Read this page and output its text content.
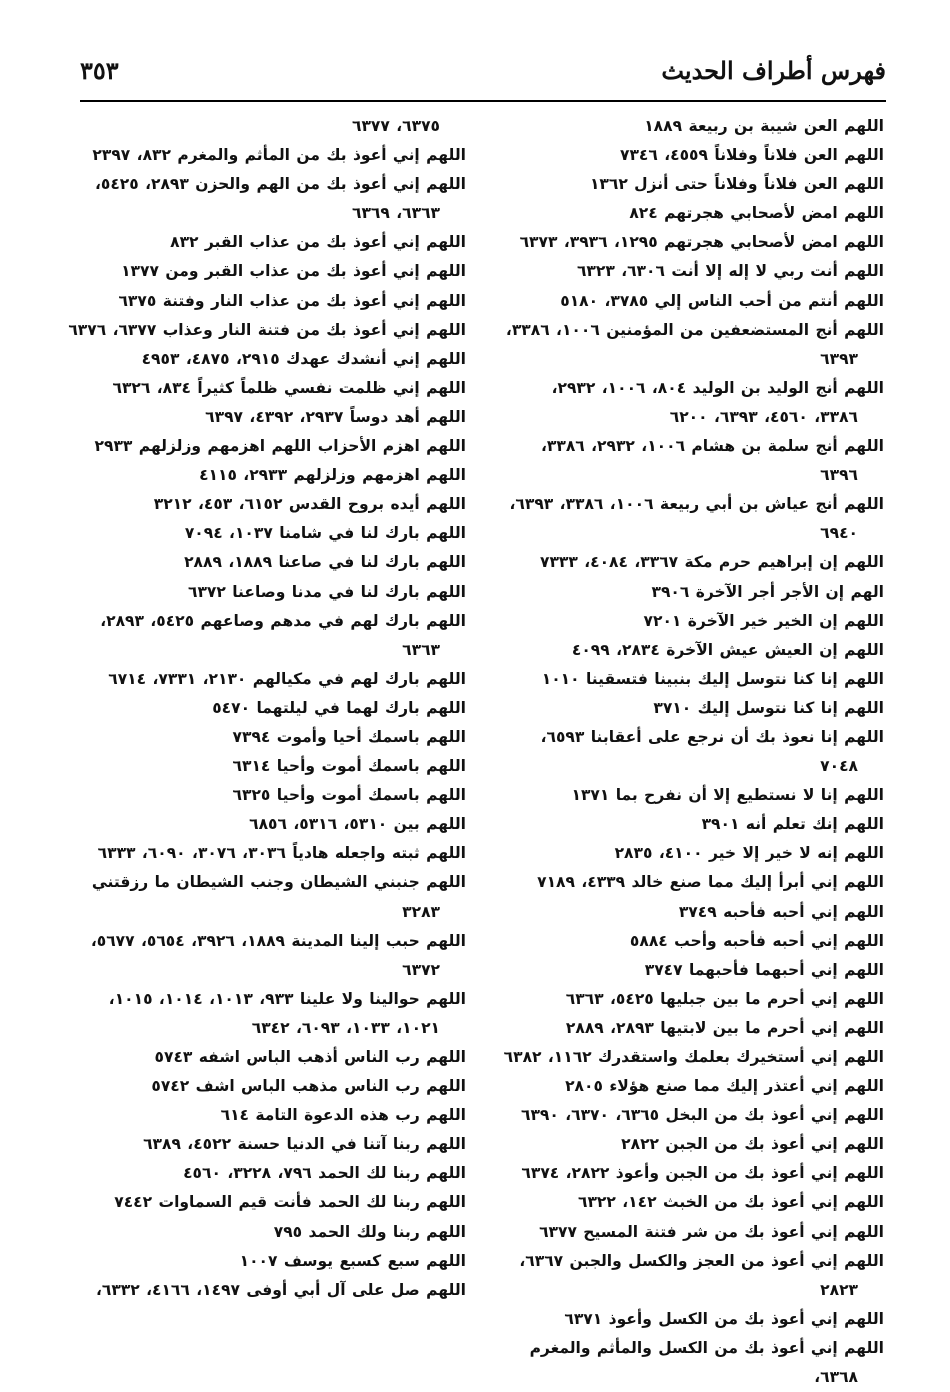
فهرس أطراف الحديث
٣٥٣
اللهم العن شيبة بن ربيعة ١٨٨٩
اللهم العن فلاناً وفلاناً ٤٥٥٩، ٧٣٤٦
اللهم العن فلاناً وفلاناً حتى أنزل ١٣٦٢
اللهم امض لأصحابي هجرتهم ٨٢٤
اللهم امض لأصحابي هجرتهم ١٢٩٥، ٣٩٣٦، ٦٣٧٣
اللهم أنت ربي لا إله إلا أنت ٦٣٠٦، ٦٣٢٣
اللهم أنتم من أحب الناس إلي ٣٧٨٥، ٥١٨٠
اللهم أنج المستضعفين من المؤمنين ١٠٠٦، ٣٣٨٦، ٦٣٩٣
اللهم أنج الوليد بن الوليد ٨٠٤، ١٠٠٦، ٢٩٣٢، ٣٣٨٦، ٤٥٦٠، ٦٣٩٣، ٦٢٠٠
اللهم أنج سلمة بن هشام ١٠٠٦، ٢٩٣٢، ٣٣٨٦، ٦٣٩٦
اللهم أنج عياش بن أبي ربيعة ١٠٠٦، ٣٣٨٦، ٦٣٩٣، ٦٩٤٠
اللهم إن إبراهيم حرم مكة ٣٣٦٧، ٤٠٨٤، ٧٣٣٣
الهم إن الأجر أجر الآخرة ٣٩٠٦
اللهم إن الخير خير الآخرة ٧٢٠١
اللهم إن العيش عيش الآخرة ٢٨٣٤، ٤٠٩٩
اللهم إنا كنا نتوسل إليك بنبينا فتسقينا ١٠١٠
اللهم إنا كنا نتوسل إليك ٣٧١٠
اللهم إنا نعوذ بك أن نرجع على أعقابنا ٦٥٩٣، ٧٠٤٨
اللهم إنا لا نستطيع إلا أن نفرح بما ١٣٧١
اللهم إنك تعلم أنه ٣٩٠١
اللهم إنه لا خير إلا خير ٤١٠٠، ٢٨٣٥
اللهم إني أبرأ إليك مما صنع خالد ٤٣٣٩، ٧١٨٩
اللهم إني أحبه فأحبه ٣٧٤٩
اللهم إني أحبه فأحبه وأحب ٥٨٨٤
اللهم إني أحبهما فأحبهما ٣٧٤٧
اللهم إني أحرم ما بين جبليها ٥٤٢٥، ٦٣٦٣
اللهم إني أحرم ما بين لابتيها ٢٨٩٣، ٢٨٨٩
اللهم إني أستخيرك بعلمك واستقدرك ١١٦٢، ٦٣٨٢
اللهم إني أعتذر إليك مما صنع هؤلاء ٢٨٠٥
اللهم إني أعوذ بك من البخل ٦٣٦٥، ٦٣٧٠، ٦٣٩٠
اللهم إني أعوذ بك من الجبن ٢٨٢٢
اللهم إني أعوذ بك من الجبن وأعوذ ٢٨٢٢، ٦٣٧٤
اللهم إني أعوذ بك من الخبث ١٤٢، ٦٣٢٢
اللهم إني أعوذ بك من شر فتنة المسيح ٦٣٧٧
اللهم إني أعوذ من العجز والكسل والجبن ٦٣٦٧، ٢٨٢٣
اللهم إني أعوذ بك من الكسل وأعوذ ٦٣٧١
اللهم إني أعوذ بك من الكسل والمأثم والمغرم ٦٣٦٨،
٦٣٧٥، ٦٣٧٧
اللهم إني أعوذ بك من المأثم والمغرم ٨٣٢، ٢٣٩٧
اللهم إني أعوذ بك من الهم والحزن ٢٨٩٣، ٥٤٢٥، ٦٣٦٣، ٦٣٦٩
اللهم إني أعوذ بك من عذاب القبر ٨٣٢
اللهم إني أعوذ بك من عذاب القبر ومن ١٣٧٧
اللهم إني أعوذ بك من عذاب النار وفتنة ٦٣٧٥
اللهم إني أعوذ بك من فتنة النار وعذاب ٦٣٧٧، ٦٣٧٦
اللهم إني أنشدك عهدك ٢٩١٥، ٤٨٧٥، ٤٩٥٣
اللهم إني ظلمت نفسي ظلماً كثيراً ٨٣٤، ٦٣٢٦
اللهم أهد دوساً ٢٩٣٧، ٤٣٩٢، ٦٣٩٧
اللهم اهزم الأحزاب اللهم اهزمهم وزلزلهم ٢٩٣٣
اللهم اهزمهم وزلزلهم ٢٩٣٣، ٤١١٥
اللهم أيده بروح القدس ٦١٥٢، ٤٥٣، ٣٢١٢
اللهم بارك لنا في شامنا ١٠٣٧، ٧٠٩٤
اللهم بارك لنا في صاعنا ١٨٨٩، ٢٨٨٩
اللهم بارك لنا في مدنا وصاعنا ٦٣٧٢
اللهم بارك لهم في مدهم وصاعهم ٥٤٢٥، ٢٨٩٣، ٦٣٦٣
اللهم بارك لهم في مكيالهم ٢١٣٠، ٧٣٣١، ٦٧١٤
اللهم بارك لهما في ليلتهما ٥٤٧٠
اللهم باسمك أحيا وأموت ٧٣٩٤
اللهم باسمك أموت وأحيا ٦٣١٤
اللهم باسمك أموت وأحيا ٦٣٢٥
اللهم بين ٥٣١٠، ٥٣١٦، ٦٨٥٦
اللهم ثبته واجعله هادياً ٣٠٣٦، ٣٠٧٦، ٦٠٩٠، ٦٣٣٣
اللهم جنبني الشيطان وجنب الشيطان ما رزقتني ٣٢٨٣
اللهم حبب إلينا المدينة ١٨٨٩، ٣٩٢٦، ٥٦٥٤، ٥٦٧٧، ٦٣٧٢
اللهم حوالينا ولا علينا ٩٣٣، ١٠١٣، ١٠١٤، ١٠١٥، ١٠٢١، ١٠٣٣، ٦٠٩٣، ٦٣٤٢
اللهم رب الناس أذهب الباس اشفه ٥٧٤٣
اللهم رب الناس مذهب الباس اشف ٥٧٤٢
اللهم رب هذه الدعوة التامة ٦١٤
اللهم ربنا آتنا في الدنيا حسنة ٤٥٢٢، ٦٣٨٩
اللهم ربنا لك الحمد ٧٩٦، ٣٢٢٨، ٤٥٦٠
اللهم ربنا لك الحمد فأنت قيم السماوات ٧٤٤٢
اللهم ربنا ولك الحمد ٧٩٥
اللهم سبع كسبع يوسف ١٠٠٧
اللهم صل على آل أبي أوفى ١٤٩٧، ٤١٦٦، ٦٣٣٢،
